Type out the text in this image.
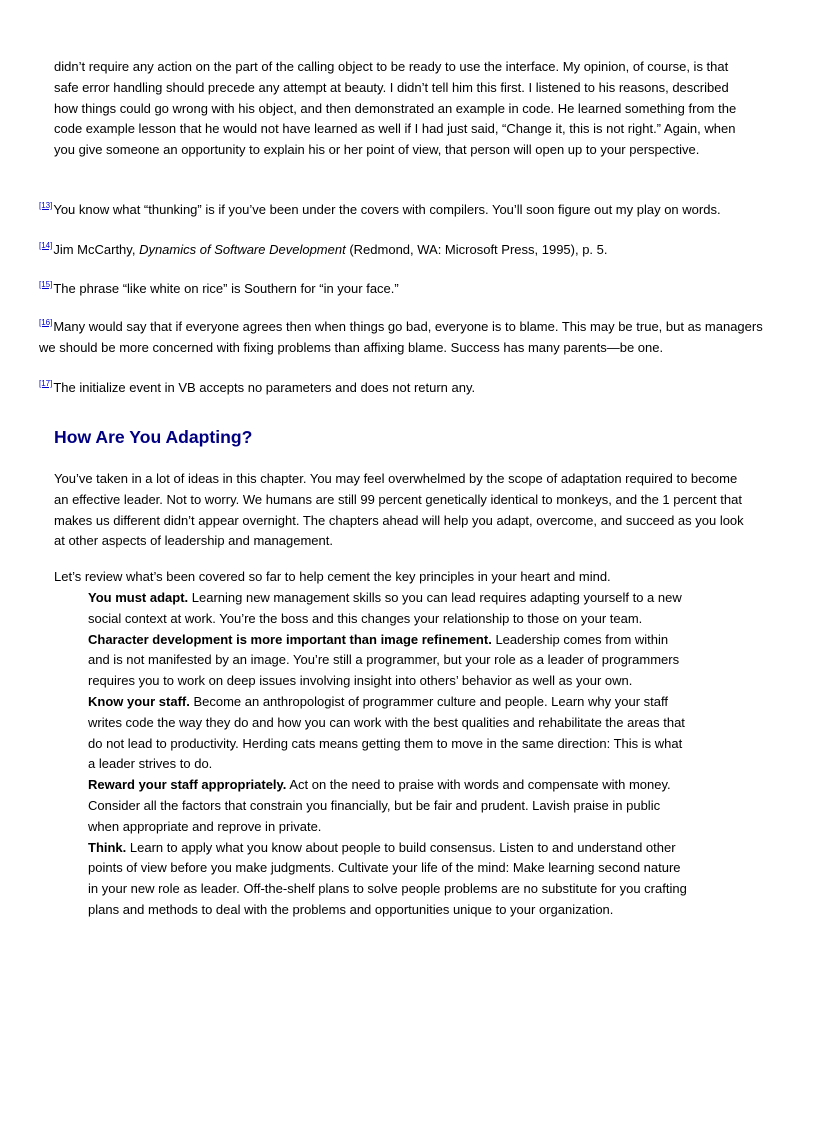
didn’t require any action on the part of the calling object to be ready to use the interface. My opinion, of course, is that safe error handling should precede any attempt at beauty. I didn’t tell him this first. I listened to his reasons, described how things could go wrong with his object, and then demonstrated an example in code. He learned something from the code example lesson that he would not have learned as well if I had just said, “Change it, this is not right.” Again, when you give someone an opportunity to explain his or her point of view, that person will open up to your perspective.

[13]You know what “thunking” is if you’ve been under the covers with compilers. You’ll soon figure out my play on words.

[14]Jim McCarthy, Dynamics of Software Development (Redmond, WA: Microsoft Press, 1995), p. 5.

[15]The phrase “like white on rice” is Southern for “in your face.”

[16]Many would say that if everyone agrees then when things go bad, everyone is to blame. This may be true, but as managers we should be more concerned with fixing problems than affixing blame. Success has many parents—be one.

[17]The initialize event in VB accepts no parameters and does not return any.

How Are You Adapting?

You’ve taken in a lot of ideas in this chapter. You may feel overwhelmed by the scope of adaptation required to become an effective leader. Not to worry. We humans are still 99 percent genetically identical to monkeys, and the 1 percent that makes us different didn’t appear overnight. The chapters ahead will help you adapt, overcome, and succeed as you look at other aspects of leadership and management.

Let’s review what’s been covered so far to help cement the key principles in your heart and mind.

You must adapt. Learning new management skills so you can lead requires adapting yourself to a new social context at work. You’re the boss and this changes your relationship to those on your team.

Character development is more important than image refinement. Leadership comes from within and is not manifested by an image. You’re still a programmer, but your role as a leader of programmers requires you to work on deep issues involving insight into others’ behavior as well as your own.

Know your staff. Become an anthropologist of programmer culture and people. Learn why your staff writes code the way they do and how you can work with the best qualities and rehabilitate the areas that do not lead to productivity. Herding cats means getting them to move in the same direction: This is what a leader strives to do.

Reward your staff appropriately. Act on the need to praise with words and compensate with money. Consider all the factors that constrain you financially, but be fair and prudent. Lavish praise in public when appropriate and reprove in private.

Think. Learn to apply what you know about people to build consensus. Listen to and understand other points of view before you make judgments. Cultivate your life of the mind: Make learning second nature in your new role as leader. Off-the-shelf plans to solve people problems are no substitute for you crafting plans and methods to deal with the problems and opportunities unique to your organization.
